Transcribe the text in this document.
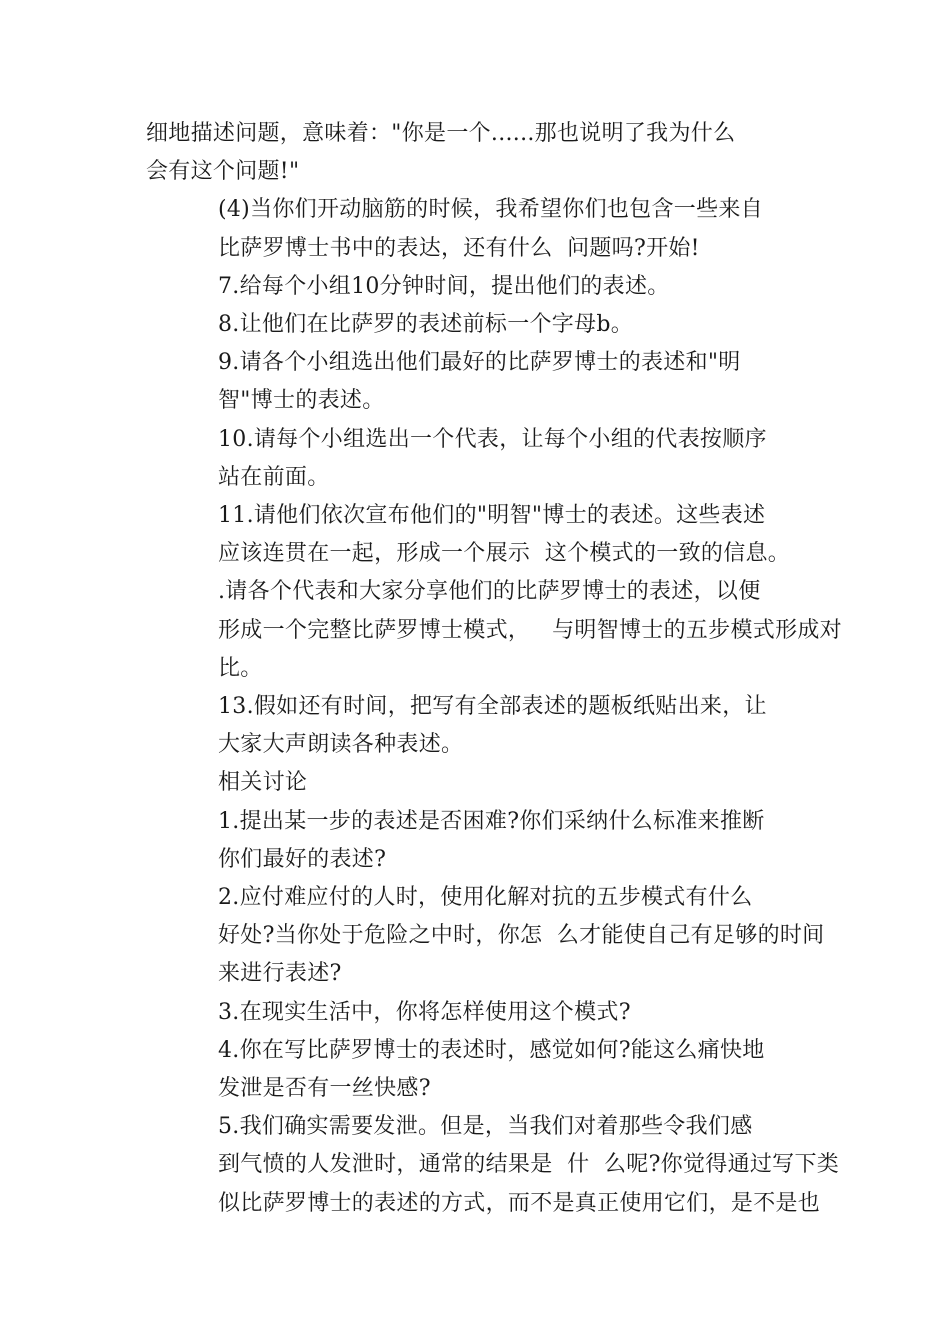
细地描述问题，意味着："你是一个......那也说明了我为什么
会有这个问题!"
(4)当你们开动脑筋的时候，我希望你们也包含一些来自
比萨罗博士书中的表达，还有什么  问题吗?开始!
7.给每个小组10分钟时间，提出他们的表述。
8.让他们在比萨罗的表述前标一个字母b。
9.请各个小组选出他们最好的比萨罗博士的表述和"明
智"博士的表述。
10.请每个小组选出一个代表，让每个小组的代表按顺序
站在前面。
11.请他们依次宣布他们的"明智"博士的表述。这些表述
应该连贯在一起，形成一个展示  这个模式的一致的信息。
.请各个代表和大家分享他们的比萨罗博士的表述，以便
形成一个完整比萨罗博士模式，   与明智博士的五步模式形成对
比。
13.假如还有时间，把写有全部表述的题板纸贴出来，让
大家大声朗读各种表述。
相关讨论
1.提出某一步的表述是否困难?你们采纳什么标准来推断
你们最好的表述?
2.应付难应付的人时，使用化解对抗的五步模式有什么
好处?当你处于危险之中时，你怎  么才能使自己有足够的时间
来进行表述?
3.在现实生活中，你将怎样使用这个模式?
4.你在写比萨罗博士的表述时，感觉如何?能这么痛快地
发泄是否有一丝快感?
5.我们确实需要发泄。但是，当我们对着那些令我们感
到气愤的人发泄时，通常的结果是  什  么呢?你觉得通过写下类
似比萨罗博士的表述的方式，而不是真正使用它们，是不是也
